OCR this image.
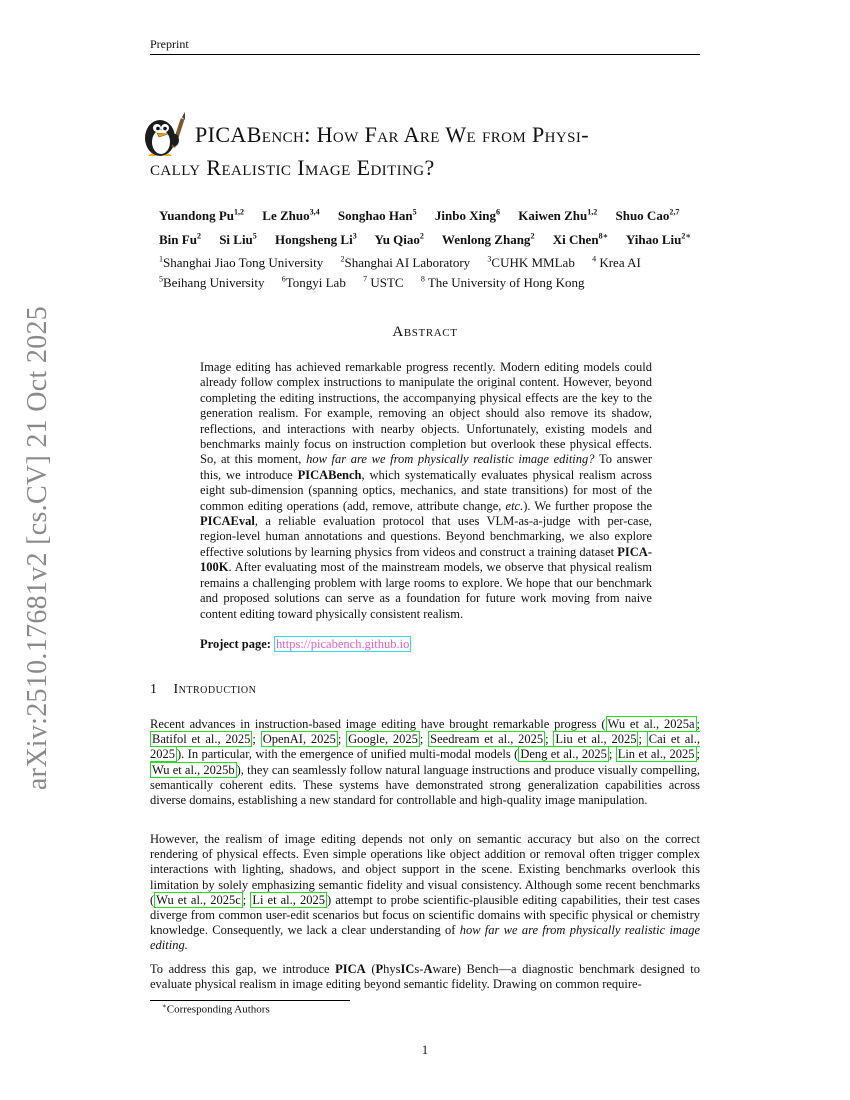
Preprint
arXiv:2510.17681v2 [cs.CV] 21 Oct 2025
PICABench: How Far Are We from Physi-
cally Realistic Image Editing?
Yuandong Pu$^{1,2}$ Le Zhuo$^{3,4}$ Songhao Han$^5$ Jinbo Xing$^6$ Kaiwen Zhu$^{1,2}$ Shuo Cao$^{2,7}$
Bin Fu$^2$ Si Liu$^5$ Hongsheng Li$^3$ Yu Qiao$^2$ Wenlong Zhang$^2$ Xi Chen$^{8∗}$ Yihao Liu$^{2∗}$
$^1$Shanghai Jiao Tong University $^2$Shanghai AI Laboratory $^3$CUHK MMLab $^4$ Krea AI
$^5$Beihang University $^6$Tongyi Lab $^7$ USTC $^8$ The University of Hong Kong
Abstract
Image editing has achieved remarkable progress recently. Modern editing models could already follow complex instructions to manipulate the original content. However, beyond completing the editing instructions, the accompanying physical effects are the key to the generation realism. For example, removing an object should also remove its shadow, reflections, and interactions with nearby objects. Unfortunately, existing models and benchmarks mainly focus on instruction completion but overlook these physical effects. So, at this moment, how far are we from physically realistic image editing? To answer this, we introduce PICABench, which systematically evaluates physical realism across eight sub-dimension (spanning optics, mechanics, and state transitions) for most of the common editing operations (add, remove, attribute change, etc.). We further propose the PICAEval, a reliable evaluation protocol that uses VLM-as-a-judge with per-case, region-level human annotations and questions. Beyond benchmarking, we also explore effective solutions by learning physics from videos and construct a training dataset PICA-100K. After evaluating most of the mainstream models, we observe that physical realism remains a challenging problem with large rooms to explore. We hope that our benchmark and proposed solutions can serve as a foundation for future work moving from naive content editing toward physically consistent realism.
Project page: https://picabench.github.io
1 Introduction
Recent advances in instruction-based image editing have brought remarkable progress ( Wu et al., 2025a ; Batifol et al., 2025 ; OpenAI, 2025 ; Google, 2025 ; Seedream et al., 2025 ; Liu et al., 2025 ; Cai et al., 2025 ). In particular, with the emergence of unified multi-modal models ( Deng et al., 2025 ; Lin et al., 2025 ; Wu et al., 2025b ), they can seamlessly follow natural language instructions and produce visually compelling, semantically coherent edits. These systems have demonstrated strong generalization capabilities across diverse domains, establishing a new standard for controllable and high-quality image manipulation.
However, the realism of image editing depends not only on semantic accuracy but also on the correct rendering of physical effects. Even simple operations like object addition or removal often trigger complex interactions with lighting, shadows, and object support in the scene. Existing benchmarks overlook this limitation by solely emphasizing semantic fidelity and visual consistency. Although some recent benchmarks ( Wu et al., 2025c ; Li et al., 2025 ) attempt to probe scientific-plausible editing capabilities, their test cases diverge from common user-edit scenarios but focus on scientific domains with specific physical or chemistry knowledge. Consequently, we lack a clear understanding of how far we are from physically realistic image editing.
To address this gap, we introduce PICA (PhysICs-Aware) Bench—a diagnostic benchmark designed to evaluate physical realism in image editing beyond semantic fidelity. Drawing on common require-
∗Corresponding Authors
1
